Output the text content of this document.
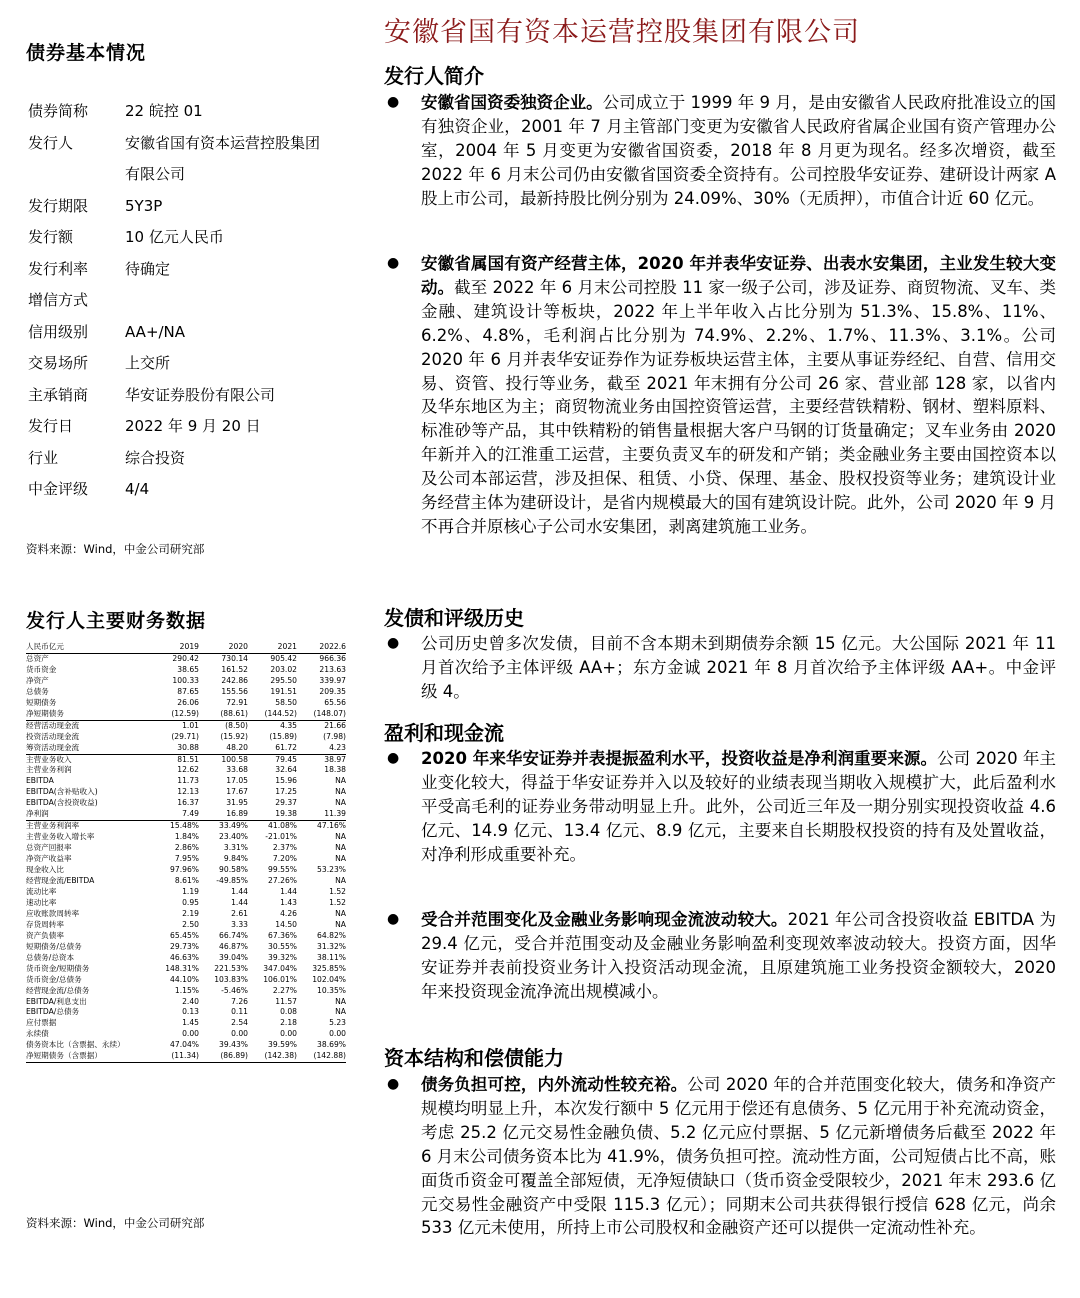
债券基本情况
债券简称	22 皖控 01
发行人	安徽省国有资本运营控股集团
有限公司
发行期限	5Y3P
发行额	10 亿元人民币
发行利率	待确定
增信方式
信用级别	AA+/NA
交易场所	上交所
主承销商	华安证券股份有限公司
发行日	2022 年 9 月 20 日
行业	综合投资
中金评级	4/4
资料来源：Wind，中金公司研究部
发行人主要财务数据
人民币亿元	2019	2020	2021	2022.6
总资产	290.42	730.14	905.42	966.36
货币资金	38.65	161.52	203.02	213.63
净资产	100.33	242.86	295.50	339.97
总债务	87.65	155.56	191.51	209.35
短期债务	26.06	72.91	58.50	65.56
净短期债务	(12.59)	(88.61)	(144.52)	(148.07)
经营活动现金流	1.01	(8.50)	4.35	21.66
投资活动现金流	(29.71)	(15.92)	(15.89)	(7.98)
筹资活动现金流	30.88	48.20	61.72	4.23
主营业务收入	81.51	100.58	79.45	38.97
主营业务利润	12.62	33.68	32.64	18.38
EBITDA	11.73	17.05	15.96	NA
EBITDA(含补贴收入)	12.13	17.67	17.25	NA
EBITDA(含投资收益)	16.37	31.95	29.37	NA
净利润	7.49	16.89	19.38	11.39
主营业务利润率	15.48%	33.49%	41.08%	47.16%
主营业务收入增长率	1.84%	23.40%	-21.01%	NA
总资产回报率	2.86%	3.31%	2.37%	NA
净资产收益率	7.95%	9.84%	7.20%	NA
现金收入比	97.96%	90.58%	99.55%	53.23%
经营现金流/EBITDA	8.61%	-49.85%	27.26%	NA
流动比率	1.19	1.44	1.44	1.52
速动比率	0.95	1.44	1.43	1.52
应收账款周转率	2.19	2.61	4.26	NA
存货周转率	2.50	3.33	14.50	NA
资产负债率	65.45%	66.74%	67.36%	64.82%
短期债务/总债务	29.73%	46.87%	30.55%	31.32%
总债务/总资本	46.63%	39.04%	39.32%	38.11%
货币资金/短期债务	148.31%	221.53%	347.04%	325.85%
货币资金/总债务	44.10%	103.83%	106.01%	102.04%
经营现金流/总债务	1.15%	-5.46%	2.27%	10.35%
EBITDA/利息支出	2.40	7.26	11.57	NA
EBITDA/总债务	0.13	0.11	0.08	NA
应付票据	1.45	2.54	2.18	5.23
永续债	0.00	0.00	0.00	0.00
债务资本比（含票据、永续）	47.04%	39.43%	39.59%	38.69%
净短期债务（含票据）	(11.34)	(86.89)	(142.38)	(142.88)
资料来源：Wind，中金公司研究部
安徽省国有资本运营控股集团有限公司
发行人简介
● 安徽省国资委独资企业。公司成立于 1999 年 9 月，是由安徽省人民政府批准设立的国有独资企业，2001 年 7 月主管部门变更为安徽省人民政府省属企业国有资产管理办公室，2004 年 5 月变更为安徽省国资委，2018 年 8 月更为现名。经多次增资，截至 2022 年 6 月末公司仍由安徽省国资委全资持有。公司控股华安证券、建研设计两家 A 股上市公司，最新持股比例分别为 24.09%、30%（无质押），市值合计近 60 亿元。
● 安徽省属国有资产经营主体，2020 年并表华安证券、出表水安集团，主业发生较大变动。截至 2022 年 6 月末公司控股 11 家一级子公司，涉及证券、商贸物流、叉车、类金融、建筑设计等板块，2022 年上半年收入占比分别为 51.3%、15.8%、11%、6.2%、4.8%，毛利润占比分别为 74.9%、2.2%、1.7%、11.3%、3.1%。公司 2020 年 6 月并表华安证券作为证券板块运营主体，主要从事证券经纪、自营、信用交易、资管、投行等业务，截至 2021 年末拥有分公司 26 家、营业部 128 家，以省内及华东地区为主；商贸物流业务由国控资管运营，主要经营铁精粉、钢材、塑料原料、标准砂等产品，其中铁精粉的销售量根据大客户马钢的订货量确定；叉车业务由 2020 年新并入的江淮重工运营，主要负责叉车的研发和产销；类金融业务主要由国控资本以及公司本部运营，涉及担保、租赁、小贷、保理、基金、股权投资等业务；建筑设计业务经营主体为建研设计，是省内规模最大的国有建筑设计院。此外，公司 2020 年 9 月不再合并原核心子公司水安集团，剥离建筑施工业务。
发债和评级历史
● 公司历史曾多次发债，目前不含本期未到期债券余额 15 亿元。大公国际 2021 年 11 月首次给予主体评级 AA+；东方金诚 2021 年 8 月首次给予主体评级 AA+。中金评级 4。
盈利和现金流
● 2020 年来华安证券并表提振盈利水平，投资收益是净利润重要来源。公司 2020 年主业变化较大，得益于华安证券并入以及较好的业绩表现当期收入规模扩大，此后盈利水平受高毛利的证券业务带动明显上升。此外，公司近三年及一期分别实现投资收益 4.6 亿元、14.9 亿元、13.4 亿元、8.9 亿元，主要来自长期股权投资的持有及处置收益，对净利形成重要补充。
● 受合并范围变化及金融业务影响现金流波动较大。2021 年公司含投资收益 EBITDA 为 29.4 亿元，受合并范围变动及金融业务影响盈利变现效率波动较大。投资方面，因华安证券并表前投资业务计入投资活动现金流，且原建筑施工业务投资金额较大，2020 年来投资现金流净流出规模减小。
资本结构和偿债能力
● 债务负担可控，内外流动性较充裕。公司 2020 年的合并范围变化较大，债务和净资产规模均明显上升，本次发行额中 5 亿元用于偿还有息债务、5 亿元用于补充流动资金，考虑 25.2 亿元交易性金融负债、5.2 亿元应付票据、5 亿元新增债务后截至 2022 年 6 月末公司债务资本比为 41.9%，债务负担可控。流动性方面，公司短债占比不高，账面货币资金可覆盖全部短债，无净短债缺口（货币资金受限较少，2021 年末 293.6 亿元交易性金融资产中受限 115.3 亿元）；同期末公司共获得银行授信 628 亿元，尚余 533 亿元未使用，所持上市公司股权和金融资产还可以提供一定流动性补充。
